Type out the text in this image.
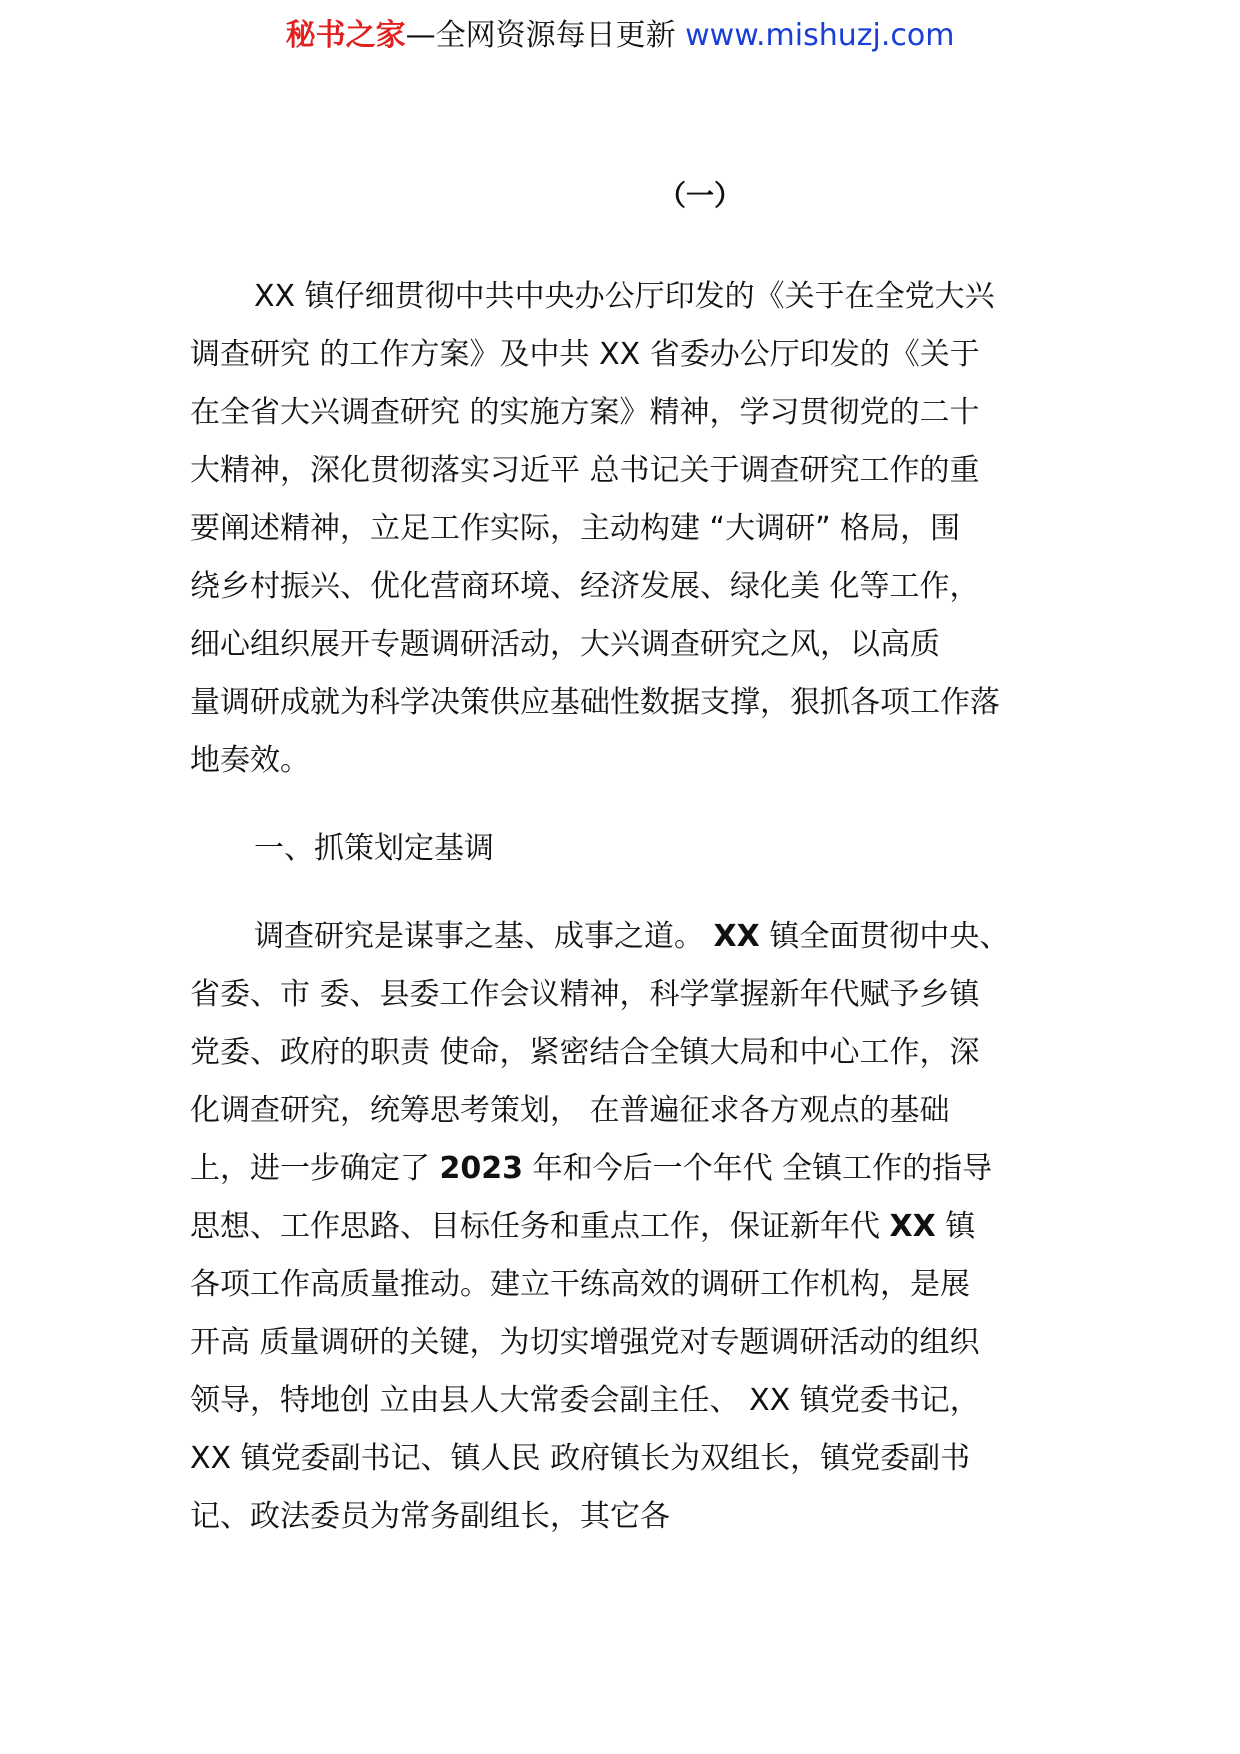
秘书之家—全网资源每日更新 www.mishuzj.com
（一）
XX 镇仔细贯彻中共中央办公厅印发的《关于在全党大兴
调查研究 的工作方案》及中共 XX 省委办公厅印发的《关于
在全省大兴调查研究 的实施方案》精神，学习贯彻党的二十
大精神，深化贯彻落实习近平 总书记关于调查研究工作的重
要阐述精神，立足工作实际，主动构建 “大调研” 格局，围
绕乡村振兴、优化营商环境、经济发展、绿化美 化等工作，
细心组织展开专题调研活动，大兴调查研究之风，以高质
量调研成就为科学决策供应基础性数据支撑，狠抓各项工作落
地奏效。
一、抓策划定基调
调查研究是谋事之基、成事之道。 XX 镇全面贯彻中央、
省委、市 委、县委工作会议精神，科学掌握新年代赋予乡镇
党委、政府的职责 使命，紧密结合全镇大局和中心工作，深
化调查研究，统筹思考策划， 在普遍征求各方观点的基础
上，进一步确定了 2023 年和今后一个年代 全镇工作的指导
思想、工作思路、目标任务和重点工作，保证新年代 XX 镇
各项工作高质量推动。建立干练高效的调研工作机构，是展
开高 质量调研的关键，为切实增强党对专题调研活动的组织
领导，特地创 立由县人大常委会副主任、 XX 镇党委书记，
XX 镇党委副书记、镇人民 政府镇长为双组长，镇党委副书
记、政法委员为常务副组长，其它各
